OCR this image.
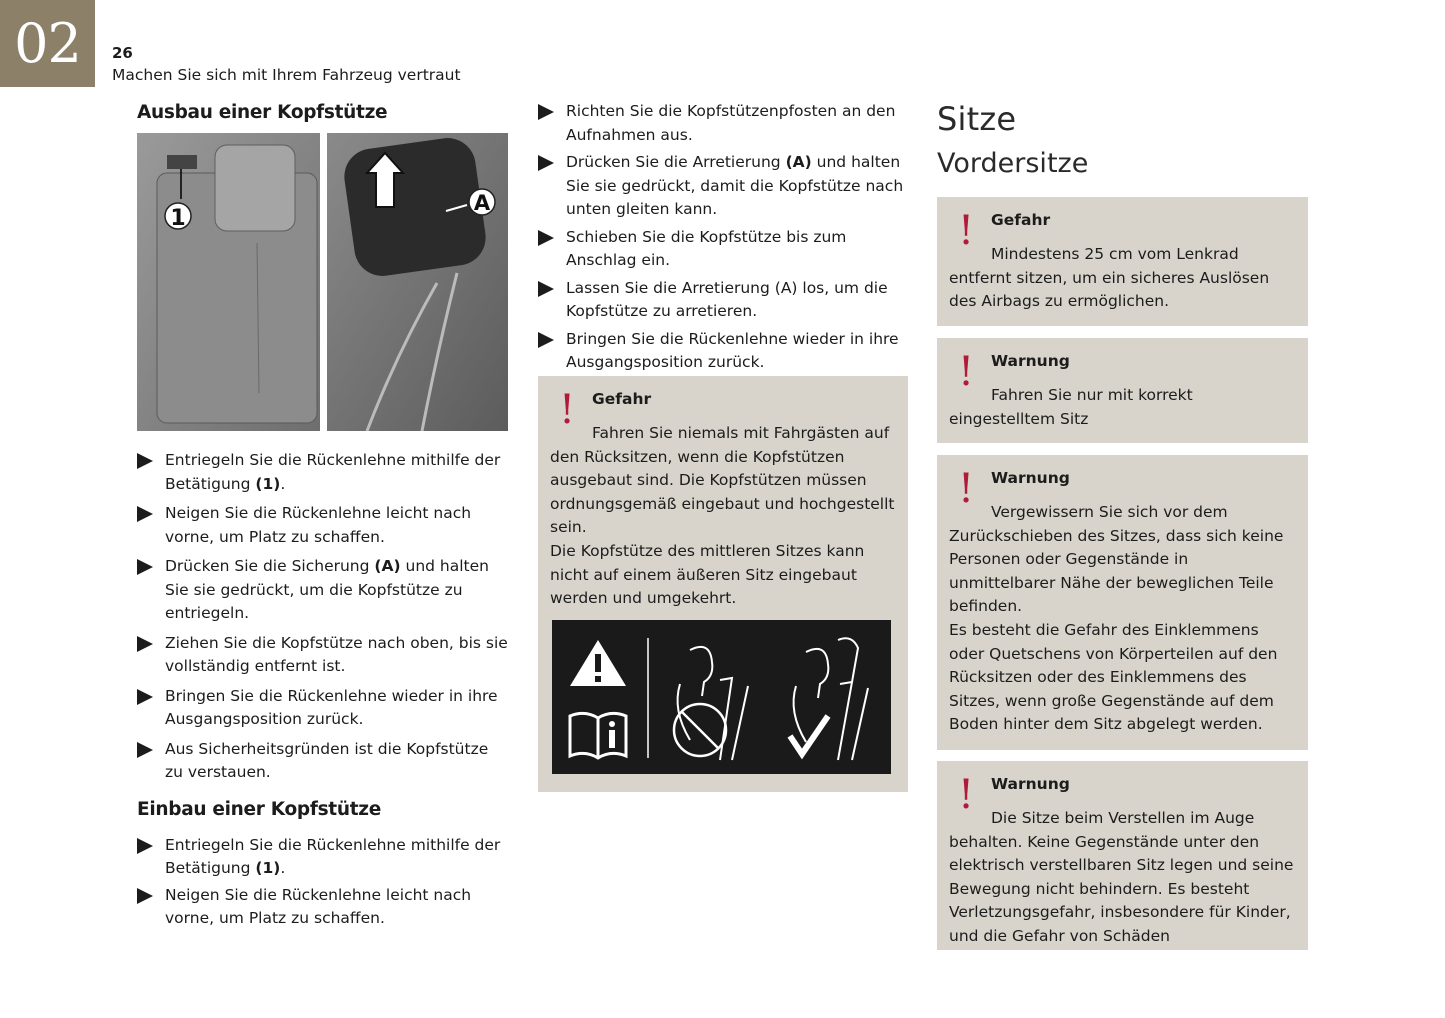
02	26
Machen Sie sich mit Ihrem Fahrzeug vertraut
Ausbau einer Kopfstütze
1
A
Entriegeln Sie die Rückenlehne mithilfe der Betätigung (1).
Neigen Sie die Rückenlehne leicht nach vorne, um Platz zu schaffen.
Drücken Sie die Sicherung (A) und halten Sie sie gedrückt, um die Kopfstütze zu entriegeln.
Ziehen Sie die Kopfstütze nach oben, bis sie vollständig entfernt ist.
Bringen Sie die Rückenlehne wieder in ihre Ausgangsposition zurück.
Aus Sicherheitsgründen ist die Kopfstütze zu verstauen.
Einbau einer Kopfstütze
Entriegeln Sie die Rückenlehne mithilfe der Betätigung (1).
Neigen Sie die Rückenlehne leicht nach vorne, um Platz zu schaffen.
Richten Sie die Kopfstützenpfosten an den Aufnahmen aus.
Drücken Sie die Arretierung (A) und halten Sie sie gedrückt, damit die Kopfstütze nach unten gleiten kann.
Schieben Sie die Kopfstütze bis zum Anschlag ein.
Lassen Sie die Arretierung (A) los, um die Kopfstütze zu arretieren.
Bringen Sie die Rückenlehne wieder in ihre Ausgangsposition zurück.
! Gefahr

Fahren Sie niemals mit Fahrgästen auf den Rücksitzen, wenn die Kopfstützen ausgebaut sind. Die Kopfstützen müssen ordnungsgemäß eingebaut und hochgestellt sein.

Die Kopfstütze des mittleren Sitzes kann nicht auf einem äußeren Sitz eingebaut werden und umgekehrt.

Sitze
Vordersitze
! Gefahr

Mindestens 25 cm vom Lenkrad entfernt sitzen, um ein sicheres Auslösen des Airbags zu ermöglichen.

! Warnung

Fahren Sie nur mit korrekt eingestelltem Sitz

! Warnung

Vergewissern Sie sich vor dem Zurückschieben des Sitzes, dass sich keine Personen oder Gegenstände in unmittelbarer Nähe der beweglichen Teile befinden.

Es besteht die Gefahr des Einklemmens oder Quetschens von Körperteilen auf den Rücksitzen oder des Einklemmens des Sitzes, wenn große Gegenstände auf dem Boden hinter dem Sitz abgelegt werden.

! Warnung

Die Sitze beim Verstellen im Auge behalten. Keine Gegenstände unter den elektrisch verstellbaren Sitz legen und seine Bewegung nicht behindern. Es besteht Verletzungsgefahr, insbesondere für Kinder, und die Gefahr von Schäden
